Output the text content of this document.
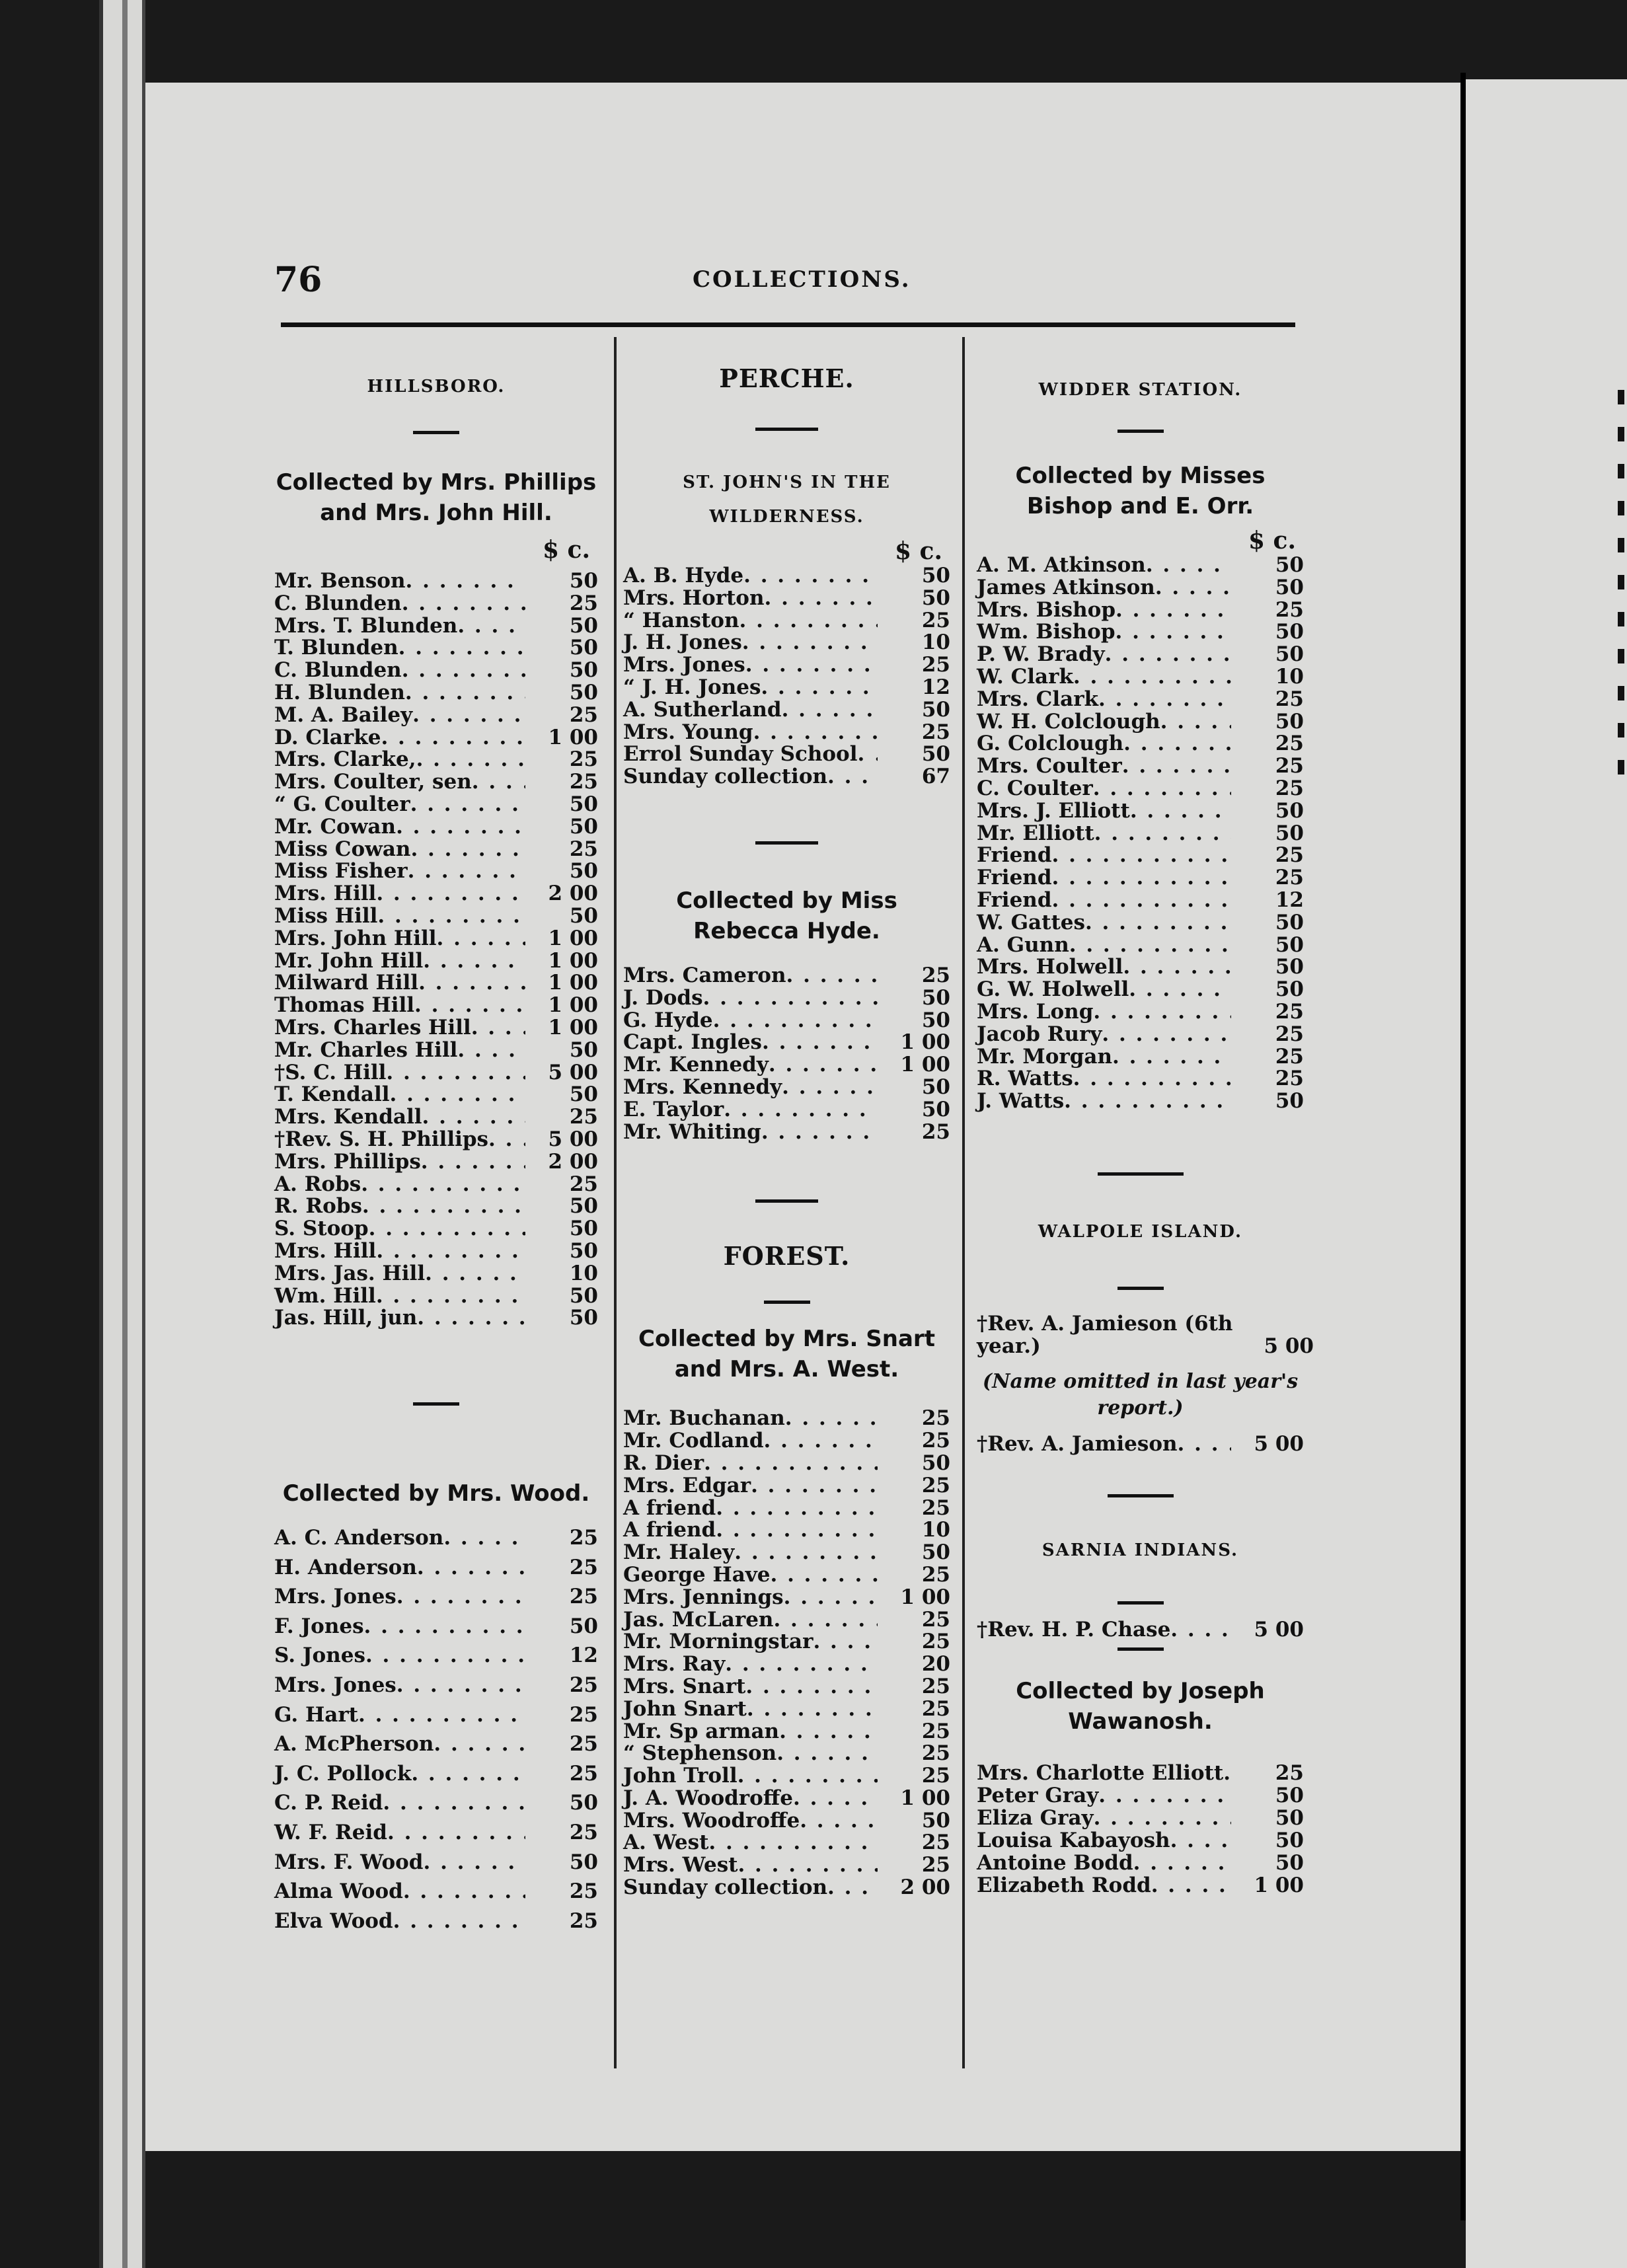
76	COLLECTIONS.
HILLSBORO.
Collected by Mrs. Phillips and Mrs. John Hill.
$ c.
Mr. Benson . . .	50
C. Blunden . . .	25
Mrs. T. Blunden . . .	50
T. Blunden . . .	50
C. Blunden . . .	50
H. Blunden . . .	50
M. A. Bailey . . .	25
D. Clarke . . .	1 00
Mrs. Clarke, . . .	25
Mrs. Coulter, sen . . .	25
“ G. Coulter . . .	50
Mr. Cowan . . .	50
Miss Cowan . . .	25
Miss Fisher . . .	50
Mrs. Hill . . .	2 00
Miss Hill . . .	50
Mrs. John Hill . . .	1 00
Mr. John Hill . . .	1 00
Milward Hill . . .	1 00
Thomas Hill . . .	1 00
Mrs. Charles Hill . . .	1 00
Mr. Charles Hill . . .	50
†S. C. Hill . . .	5 00
T. Kendall . . .	50
Mrs. Kendall . . .	25
†Rev. S. H. Phillips . . .	5 00
Mrs. Phillips . . .	2 00
A. Robs . . .	25
R. Robs . . .	50
S. Stoop . . .	50
Mrs. Hill . . .	50
Mrs. Jas. Hill . . .	10
Wm. Hill . . .	50
Jas. Hill, jun . . .	50
Collected by Mrs. Wood.
A. C. Anderson . . .	25
H. Anderson . . .	25
Mrs. Jones . . .	25
F. Jones . . .	50
S. Jones . . .	12
Mrs. Jones . . .	25
G. Hart . . .	25
A. McPherson . . .	25
J. C. Pollock . . .	25
C. P. Reid . . .	50
W. F. Reid . . .	25
Mrs. F. Wood . . .	50
Alma Wood . . .	25
Elva Wood . . .	25
PERCHE.
ST. JOHN'S IN THE WILDERNESS.
$ c.
A. B. Hyde . . .	50
Mrs. Horton . . .	50
“ Hanston . . .	25
J. H. Jones . . .	10
Mrs. Jones . . .	25
“ J. H. Jones . . .	12
A. Sutherland . . .	50
Mrs. Young . . .	25
Errol Sunday School . . .	50
Sunday collection . . .	67
Collected by Miss Rebecca Hyde.
Mrs. Cameron . . .	25
J. Dods . . .	50
G. Hyde . . .	50
Capt. Ingles . . .	1 00
Mr. Kennedy . . .	1 00
Mrs. Kennedy . . .	50
E. Taylor . . .	50
Mr. Whiting . . .	25
FOREST.
Collected by Mrs. Snart and Mrs. A. West.
Mr. Buchanan . . .	25
Mr. Codland . . .	25
R. Dier . . .	50
Mrs. Edgar . . .	25
A friend . . .	25
A friend . . .	10
Mr. Haley . . .	50
George Have . . .	25
Mrs. Jennings . . .	1 00
Jas. McLaren . . .	25
Mr. Morningstar . . .	25
Mrs. Ray . . .	20
Mrs. Snart . . .	25
John Snart . . .	25
Mr. Sp arman . . .	25
“ Stephenson . . .	25
John Troll . . .	25
J. A. Woodroffe . . .	1 00
Mrs. Woodroffe . . .	50
A. West . . .	25
Mrs. West . . .	25
Sunday collection . . .	2 00
WIDDER STATION.
Collected by Misses Bishop and E. Orr.
$ c.
A. M. Atkinson . . .	50
James Atkinson . . .	50
Mrs. Bishop . . .	25
Wm. Bishop . . .	50
P. W. Brady . . .	50
W. Clark . . .	10
Mrs. Clark . . .	25
W. H. Colclough . . .	50
G. Colclough . . .	25
Mrs. Coulter . . .	25
C. Coulter . . .	25
Mrs. J. Elliott . . .	50
Mr. Elliott . . .	50
Friend . . .	25
Friend . . .	25
Friend . . .	12
W. Gattes . . .	50
A. Gunn . . .	50
Mrs. Holwell . . .	50
G. W. Holwell . . .	50
Mrs. Long . . .	25
Jacob Rury . . .	25
Mr. Morgan . . .	25
R. Watts . . .	25
J. Watts . . .	50
WALPOLE ISLAND.
†Rev. A. Jamieson (6th year.)	5 00
(Name omitted in last year's report.)
†Rev. A. Jamieson . . .	5 00
SARNIA INDIANS.
†Rev. H. P. Chase . . .	5 00
Collected by Joseph Wawanosh.
Mrs. Charlotte Elliott . . .	25
Peter Gray . . .	50
Eliza Gray . . .	50
Louisa Kabayosh . . .	50
Antoine Bodd . . .	50
Elizabeth Rodd . . .	1 00
